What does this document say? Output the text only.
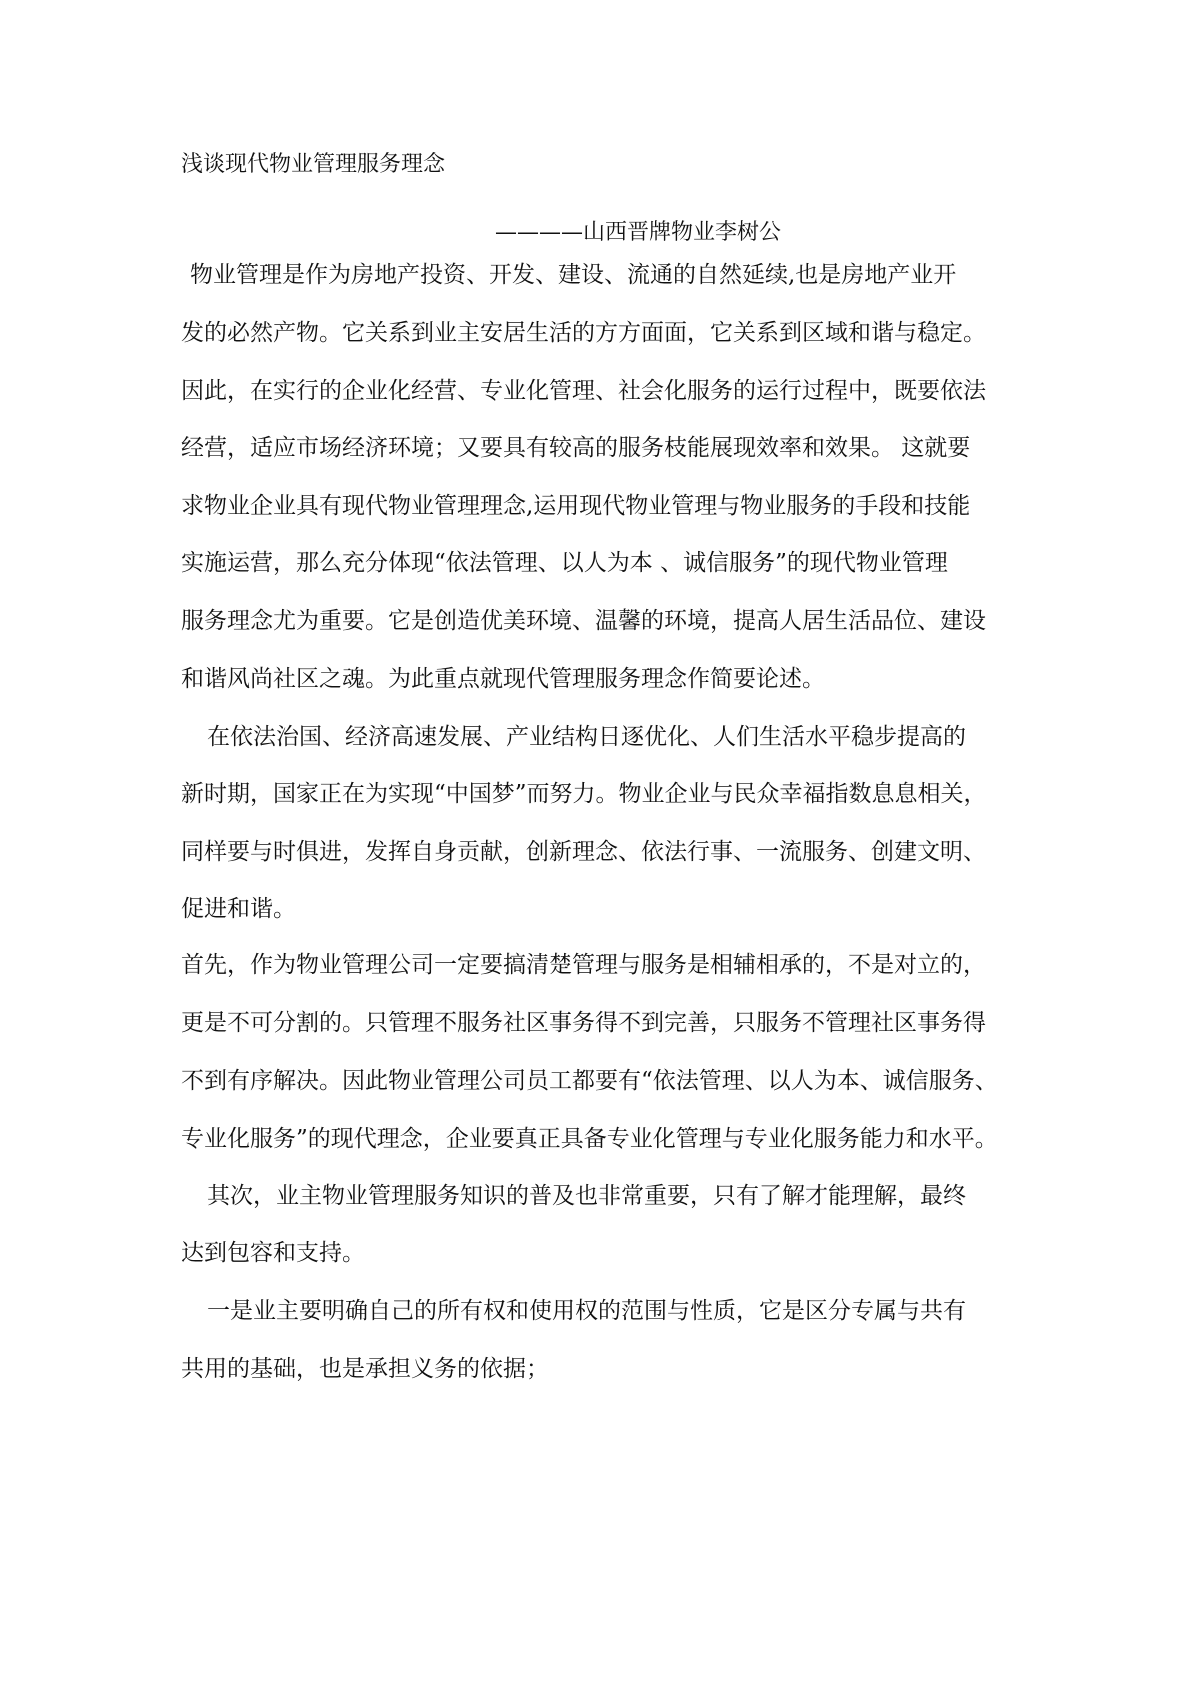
浅谈现代物业管理服务理念
————山西晋牌物业李树公
物业管理是作为房地产投资、开发、建设、流通的自然延续,也是房地产业开
发的必然产物。它关系到业主安居生活的方方面面，它关系到区域和谐与稳定。
因此，在实行的企业化经营、专业化管理、社会化服务的运行过程中，既要依法
经营，适应市场经济环境；又要具有较高的服务枝能展现效率和效果。 这就要
求物业企业具有现代物业管理理念,运用现代物业管理与物业服务的手段和技能
实施运营，那么充分体现“依法管理、以人为本 、诚信服务”的现代物业管理
服务理念尤为重要。它是创造优美环境、温馨的环境，提高人居生活品位、建设
和谐风尚社区之魂。为此重点就现代管理服务理念作简要论述。
在依法治国、经济高速发展、产业结构日逐优化、人们生活水平稳步提高的
新时期，国家正在为实现“中国梦”而努力。物业企业与民众幸福指数息息相关，
同样要与时俱进，发挥自身贡献，创新理念、依法行事、一流服务、创建文明、
促进和谐。
首先，作为物业管理公司一定要搞清楚管理与服务是相辅相承的，不是对立的，
更是不可分割的。只管理不服务社区事务得不到完善，只服务不管理社区事务得
不到有序解决。因此物业管理公司员工都要有“依法管理、以人为本、诚信服务、
专业化服务”的现代理念，企业要真正具备专业化管理与专业化服务能力和水平。
其次，业主物业管理服务知识的普及也非常重要，只有了解才能理解，最终
达到包容和支持。
一是业主要明确自己的所有权和使用权的范围与性质，它是区分专属与共有
共用的基础，也是承担义务的依据；
